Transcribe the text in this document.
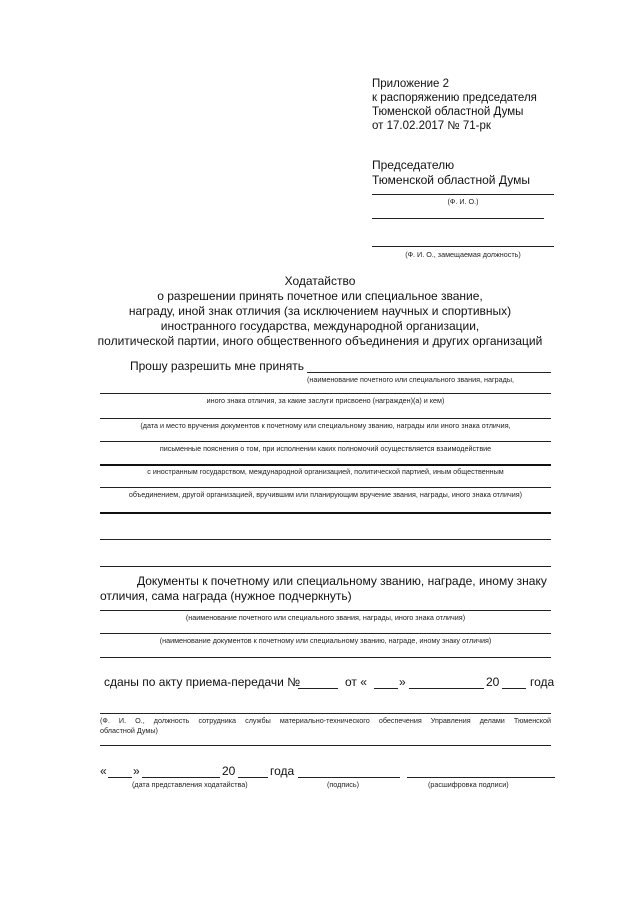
Приложение 2
к распоряжению председателя
Тюменской областной Думы
от 17.02.2017 № 71-рк
Председателю
Тюменской областной Думы
(Ф. И. О.)
(Ф. И. О., замещаемая должность)
Ходатайство
о разрешении принять почетное или специальное звание,
награду, иной знак отличия (за исключением научных и спортивных)
иностранного государства, международной организации,
политической партии, иного общественного объединения и других организаций
Прошу разрешить мне принять
(наименование почетного или специального звания, награды,
иного знака отличия, за какие заслуги присвоено (награжден)(а) и кем)
(дата и место вручения документов к почетному или специальному званию, награды или иного знака отличия,
письменные пояснения о том, при исполнении каких полномочий осуществляется взаимодействие
с иностранным государством, международной организацией, политической партией, иным общественным
объединением, другой организацией, вручившим или планирующим вручение звания, награды, иного знака отличия)
Документы к почетному или специальному званию, награде, иному знаку
отличия, сама награда (нужное подчеркнуть)
(наименование почетного или специального звания, награды, иного знака отличия)
(наименование документов к почетному или специальному званию, награде, иному знаку отличия)
сданы по акту приема-передачи №	от «	»	20	года
(Ф. И. О., должность сотрудника службы материально-технического обеспечения Управления делами Тюменской
областной Думы)
« »	20	года
(дата представления ходатайства)	(подпись)	(расшифровка подписи)
